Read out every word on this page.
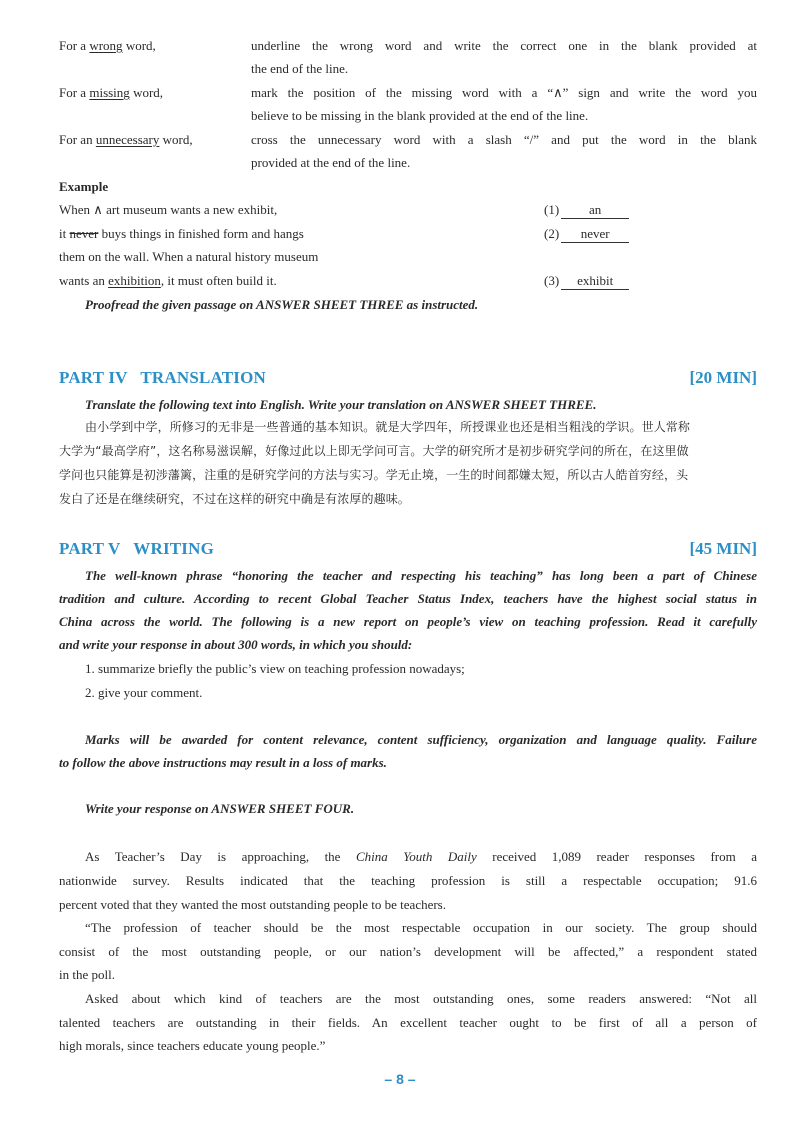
For a wrong word,	underline the wrong word and write the correct one in the blank provided at
the end of the line.
For a missing word,	mark the position of the missing word with a “∧” sign and write the word you
believe to be missing in the blank provided at the end of the line.
For an unnecessary word,	cross the unnecessary word with a slash “/” and put the word in the blank
provided at the end of the line.
Example
When ∧ art museum wants a new exhibit,
it never buys things in finished form and hangs
them on the wall. When a natural history museum
wants an exhibition, it must often build it.
(1) an
(2) never
(3) exhibit
Proofread the given passage on ANSWER SHEET THREE as instructed.
PART IV   TRANSLATION	[20 MIN]
Translate the following text into English. Write your translation on ANSWER SHEET THREE.
由小学到中学，所修习的无非是一些普通的基本知识。就是大学四年，所授课业也还是相当粗浅的学识。世人常称
大学为“最高学府”，这名称易滋误解，好像过此以上即无学问可言。大学的研究所才是初步研究学问的所在，在这里做
学问也只能算是初涉藩篱，注重的是研究学问的方法与实习。学无止境，一生的时间都嫌太短，所以古人皓首穷经，头
发白了还是在继续研究，不过在这样的研究中确是有浓厚的趣味。
PART V   WRITING	[45 MIN]
The well-known phrase “honoring the teacher and respecting his teaching” has long been a part of Chinese
tradition and culture. According to recent Global Teacher Status Index, teachers have the highest social status in
China across the world. The following is a new report on people’s view on teaching profession. Read it carefully
and write your response in about 300 words, in which you should:
1. summarize briefly the public’s view on teaching profession nowadays;
2. give your comment.
Marks will be awarded for content relevance, content sufficiency, organization and language quality. Failure
to follow the above instructions may result in a loss of marks.
Write your response on ANSWER SHEET FOUR.
As Teacher’s Day is approaching, the China Youth Daily received 1,089 reader responses from a
nationwide survey. Results indicated that the teaching profession is still a respectable occupation; 91.6
percent voted that they wanted the most outstanding people to be teachers.
“The profession of teacher should be the most respectable occupation in our society. The group should
consist of the most outstanding people, or our nation’s development will be affected,” a respondent stated
in the poll.
Asked about which kind of teachers are the most outstanding ones, some readers answered: “Not all
talented teachers are outstanding in their fields. An excellent teacher ought to be first of all a person of
high morals, since teachers educate young people.”
– 8 –
